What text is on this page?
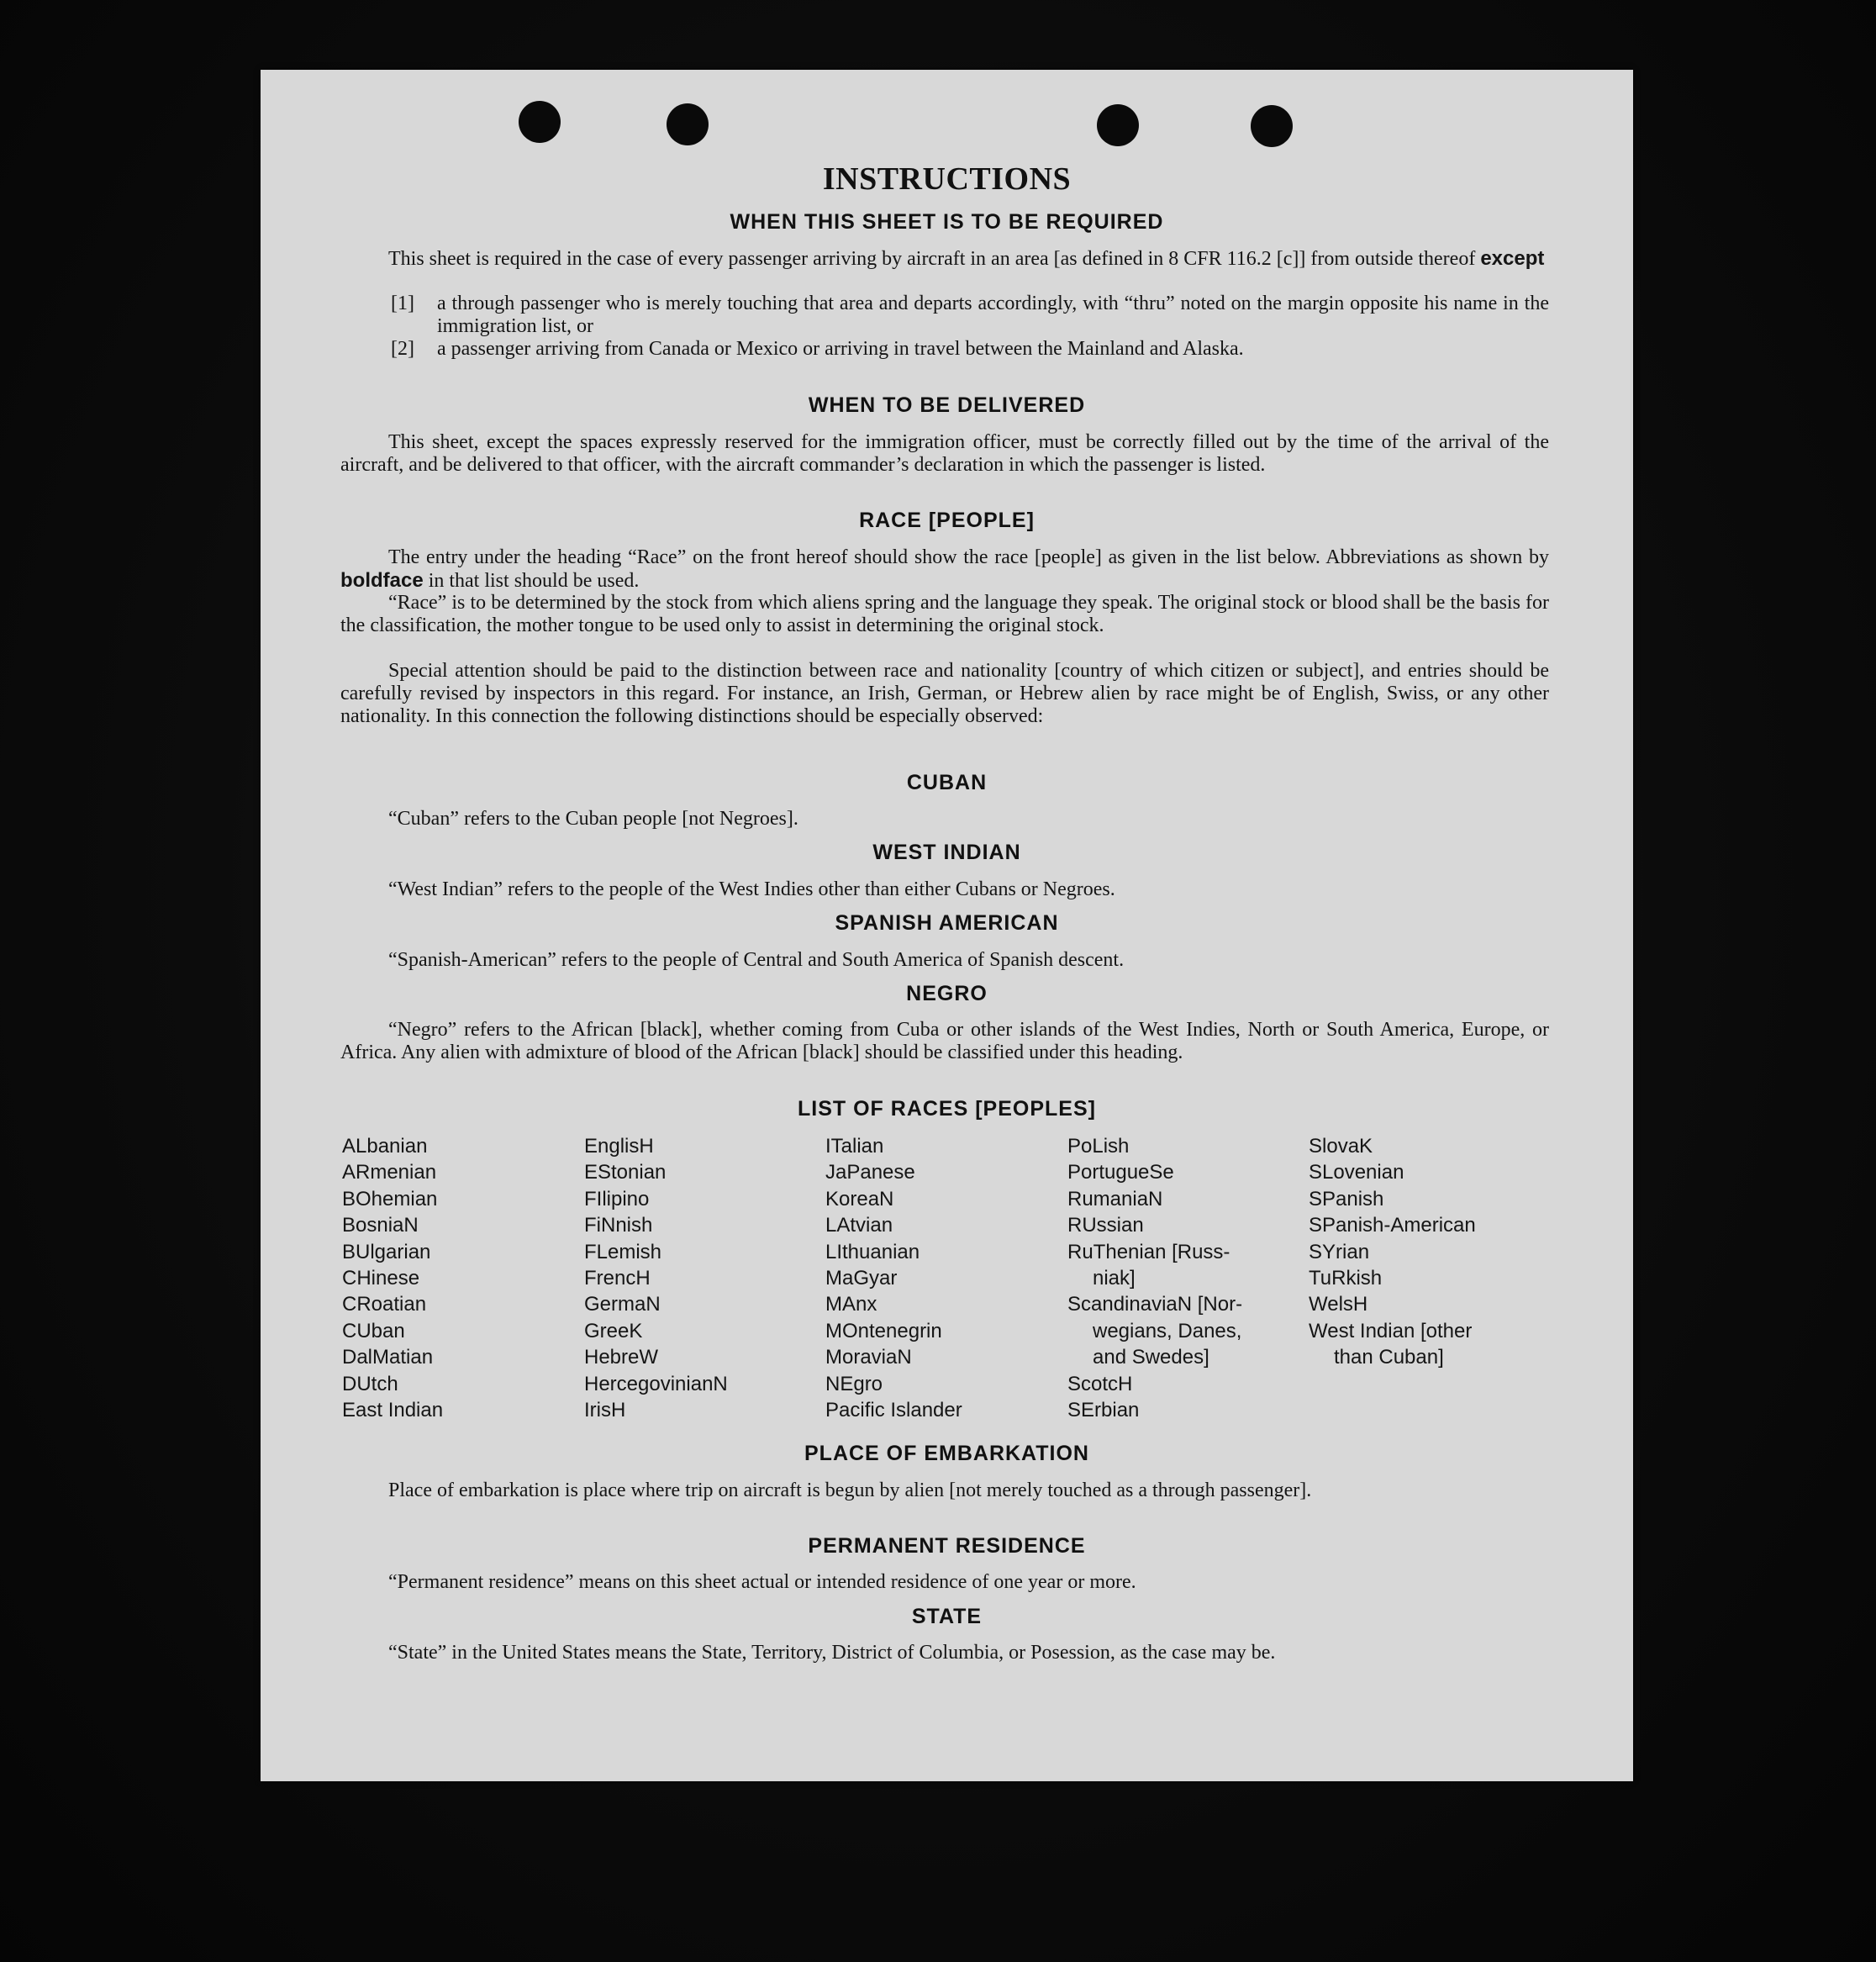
INSTRUCTIONS
WHEN THIS SHEET IS TO BE REQUIRED
This sheet is required in the case of every passenger arriving by aircraft in an area [as defined in 8 CFR 116.2 [c]] from outside thereof except
[1] a through passenger who is merely touching that area and departs accordingly, with “thru” noted on the margin opposite his name in the immigration list, or
[2] a passenger arriving from Canada or Mexico or arriving in travel between the Mainland and Alaska.
WHEN TO BE DELIVERED
This sheet, except the spaces expressly reserved for the immigration officer, must be correctly filled out by the time of the arrival of the aircraft, and be delivered to that officer, with the aircraft commander’s declaration in which the passenger is listed.
RACE [PEOPLE]
The entry under the heading “Race” on the front hereof should show the race [people] as given in the list below. Abbreviations as shown by boldface in that list should be used.
“Race” is to be determined by the stock from which aliens spring and the language they speak. The original stock or blood shall be the basis for the classification, the mother tongue to be used only to assist in determining the original stock.
Special attention should be paid to the distinction between race and nationality [country of which citizen or subject], and entries should be carefully revised by inspectors in this regard. For instance, an Irish, German, or Hebrew alien by race might be of English, Swiss, or any other nationality. In this connection the following distinctions should be especially observed:
CUBAN
“Cuban” refers to the Cuban people [not Negroes].
WEST INDIAN
“West Indian” refers to the people of the West Indies other than either Cubans or Negroes.
SPANISH AMERICAN
“Spanish-American” refers to the people of Central and South America of Spanish descent.
NEGRO
“Negro” refers to the African [black], whether coming from Cuba or other islands of the West Indies, North or South America, Europe, or Africa. Any alien with admixture of blood of the African [black] should be classified under this heading.
LIST OF RACES [PEOPLES]
ALbanian
ARmenian
BOhemian
BosniaN
BUlgarian
CHinese
CRoatian
CUban
DalMatian
DUtch
East Indian
EnglisH
EStonian
FIlipino
FiNnish
FLemish
FrencH
GermaN
GreeK
HebreW
HercegovinianN
IrisH
ITalian
JaPanese
KoreaN
LAtvian
LIthuanian
MaGyar
MAnx
MOntenegrin
MoraviaN
NEgro
Pacific Islander
PoLish
PortugueSe
RumaniaN
RUssian
RuThenian [Russ-
niak]
ScandinaviaN [Nor-
wegians, Danes,
and Swedes]
ScotcH
SErbian
SlovaK
SLovenian
SPanish
SPanish-American
SYrian
TuRkish
WelsH
West Indian [other
than Cuban]
PLACE OF EMBARKATION
Place of embarkation is place where trip on aircraft is begun by alien [not merely touched as a through passenger].
PERMANENT RESIDENCE
“Permanent residence” means on this sheet actual or intended residence of one year or more.
STATE
“State” in the United States means the State, Territory, District of Columbia, or Posession, as the case may be.
